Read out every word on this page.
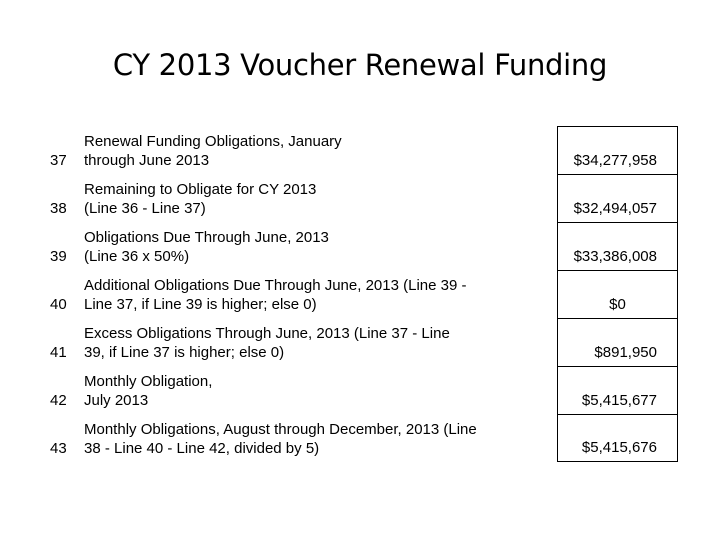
CY 2013 Voucher Renewal Funding
37
Renewal Funding Obligations, January
through June 2013	$34,277,958
38
Remaining to Obligate for CY 2013
(Line 36 - Line 37)	$32,494,057
39
Obligations Due Through June, 2013
(Line 36 x 50%)	$33,386,008
40
Additional Obligations Due Through June, 2013 (Line 39 -
Line 37, if Line 39 is higher; else 0)	$0
41
Excess Obligations Through June, 2013 (Line 37 - Line
39, if Line 37 is higher; else 0)	$891,950
42
Monthly Obligation,
July 2013	$5,415,677
43
Monthly Obligations, August through December, 2013 (Line
38 - Line 40 - Line 42, divided by 5)	$5,415,676
